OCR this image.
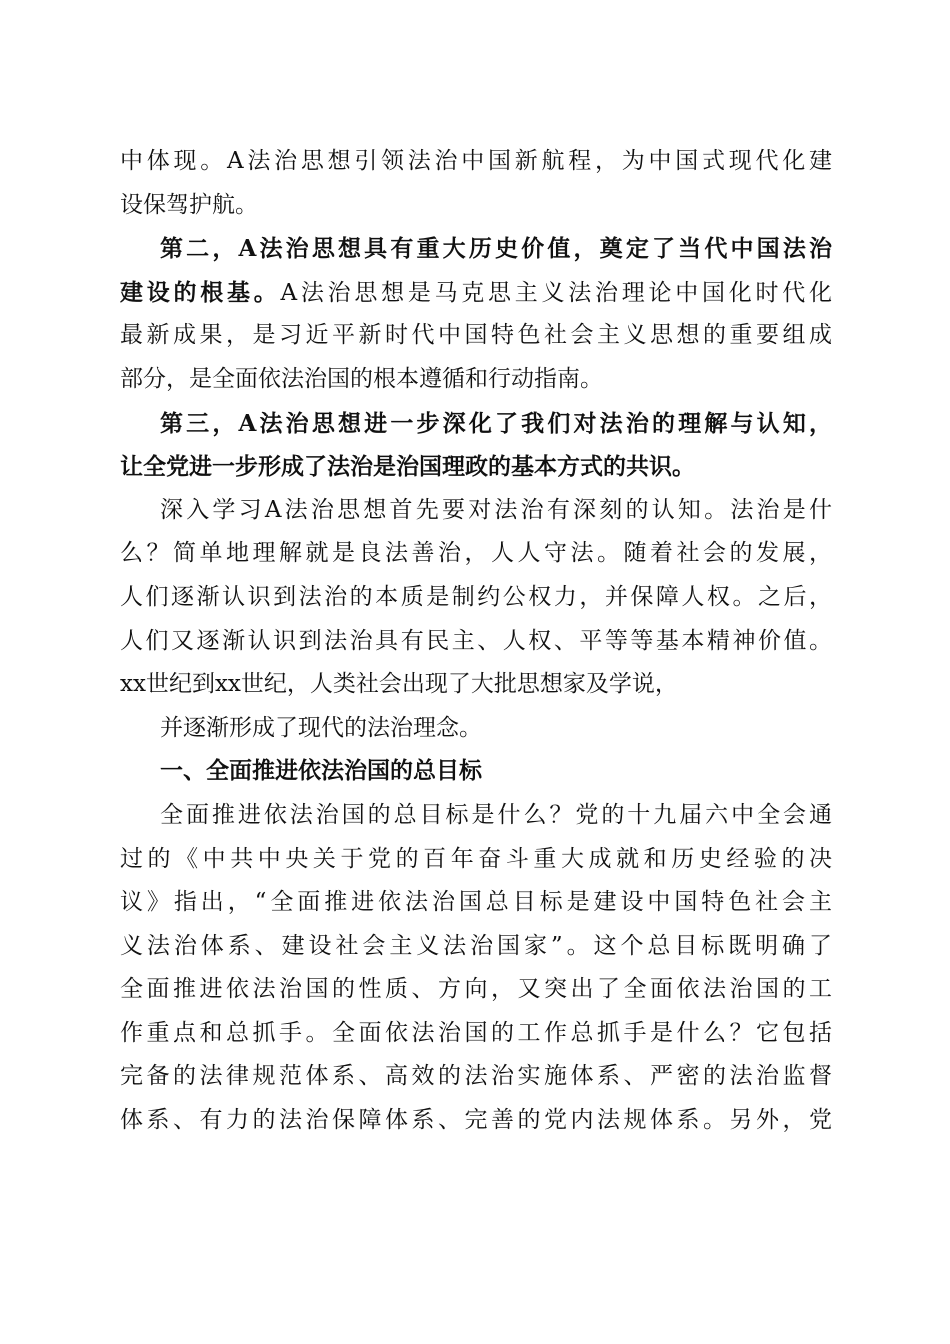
中体现。A法治思想引领法治中国新航程，为中国式现代化建
设保驾护航。
第二，A法治思想具有重大历史价值，奠定了当代中国法治
建设的根基。A法治思想是马克思主义法治理论中国化时代化
最新成果，是习近平新时代中国特色社会主义思想的重要组成
部分，是全面依法治国的根本遵循和行动指南。
第三，A法治思想进一步深化了我们对法治的理解与认知，
让全党进一步形成了法治是治国理政的基本方式的共识。
深入学习A法治思想首先要对法治有深刻的认知。法治是什
么？简单地理解就是良法善治，人人守法。随着社会的发展，
人们逐渐认识到法治的本质是制约公权力，并保障人权。之后，
人们又逐渐认识到法治具有民主、人权、平等等基本精神价值。
xx世纪到xx世纪，人类社会出现了大批思想家及学说，
并逐渐形成了现代的法治理念。
一、全面推进依法治国的总目标
全面推进依法治国的总目标是什么？党的十九届六中全会通
过的《中共中央关于党的百年奋斗重大成就和历史经验的决
议》指出，“全面推进依法治国总目标是建设中国特色社会主
义法治体系、建设社会主义法治国家”。这个总目标既明确了
全面推进依法治国的性质、方向，又突出了全面依法治国的工
作重点和总抓手。全面依法治国的工作总抓手是什么？它包括
完备的法律规范体系、高效的法治实施体系、严密的法治监督
体系、有力的法治保障体系、完善的党内法规体系。另外，党
